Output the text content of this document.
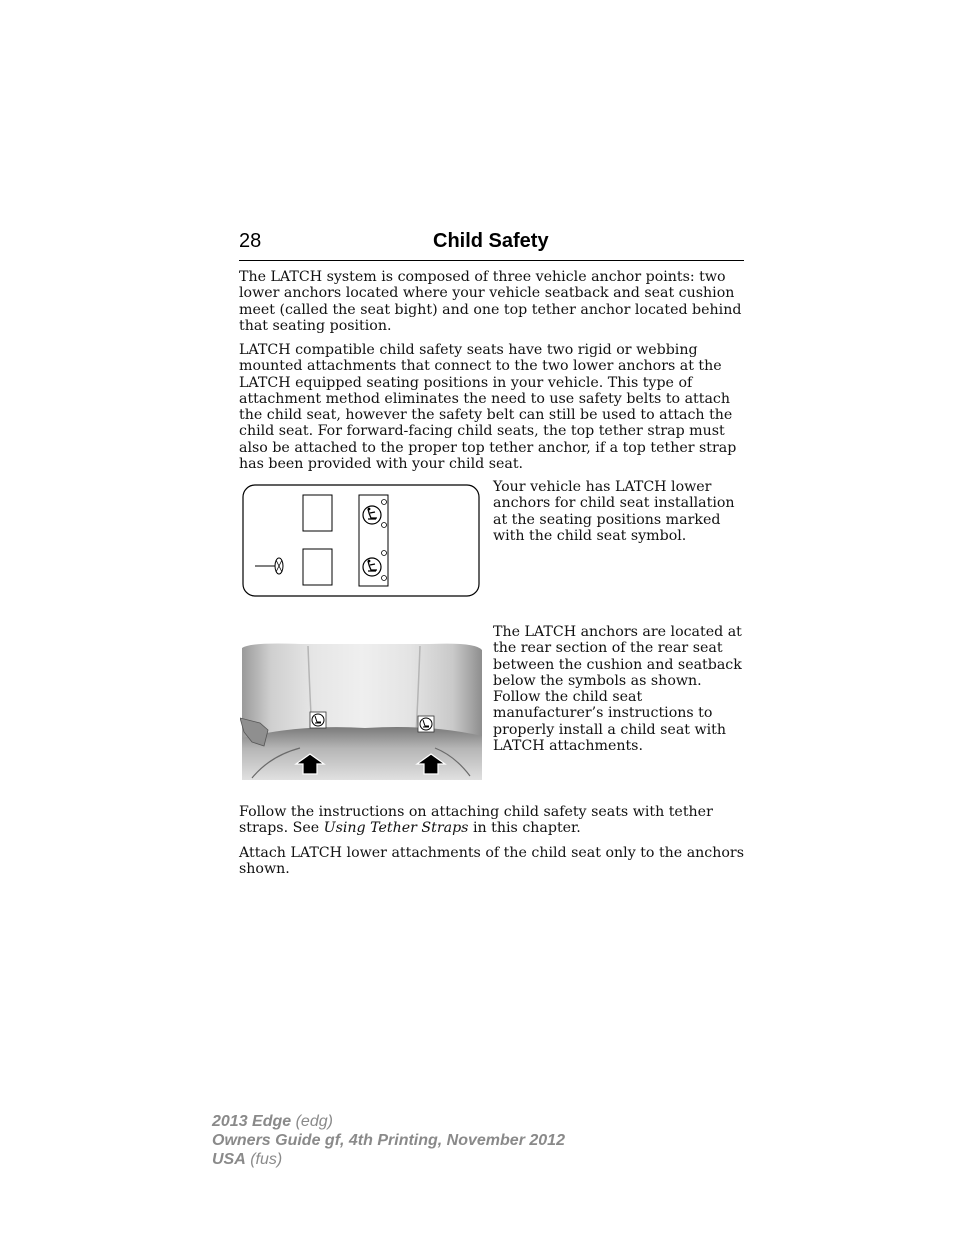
28	Child Safety

The LATCH system is composed of three vehicle anchor points: two lower anchors located where your vehicle seatback and seat cushion meet (called the seat bight) and one top tether anchor located behind that seating position.

LATCH compatible child safety seats have two rigid or webbing mounted attachments that connect to the two lower anchors at the LATCH equipped seating positions in your vehicle. This type of attachment method eliminates the need to use safety belts to attach the child seat, however the safety belt can still be used to attach the child seat. For forward-facing child seats, the top tether strap must also be attached to the proper top tether anchor, if a top tether strap has been provided with your child seat.

Your vehicle has LATCH lower anchors for child seat installation at the seating positions marked with the child seat symbol.

The LATCH anchors are located at the rear section of the rear seat between the cushion and seatback below the symbols as shown. Follow the child seat manufacturer’s instructions to properly install a child seat with LATCH attachments.

Follow the instructions on attaching child safety seats with tether straps. See Using Tether Straps in this chapter.

Attach LATCH lower attachments of the child seat only to the anchors shown.

2013 Edge (edg)
Owners Guide gf, 4th Printing, November 2012
USA (fus)
